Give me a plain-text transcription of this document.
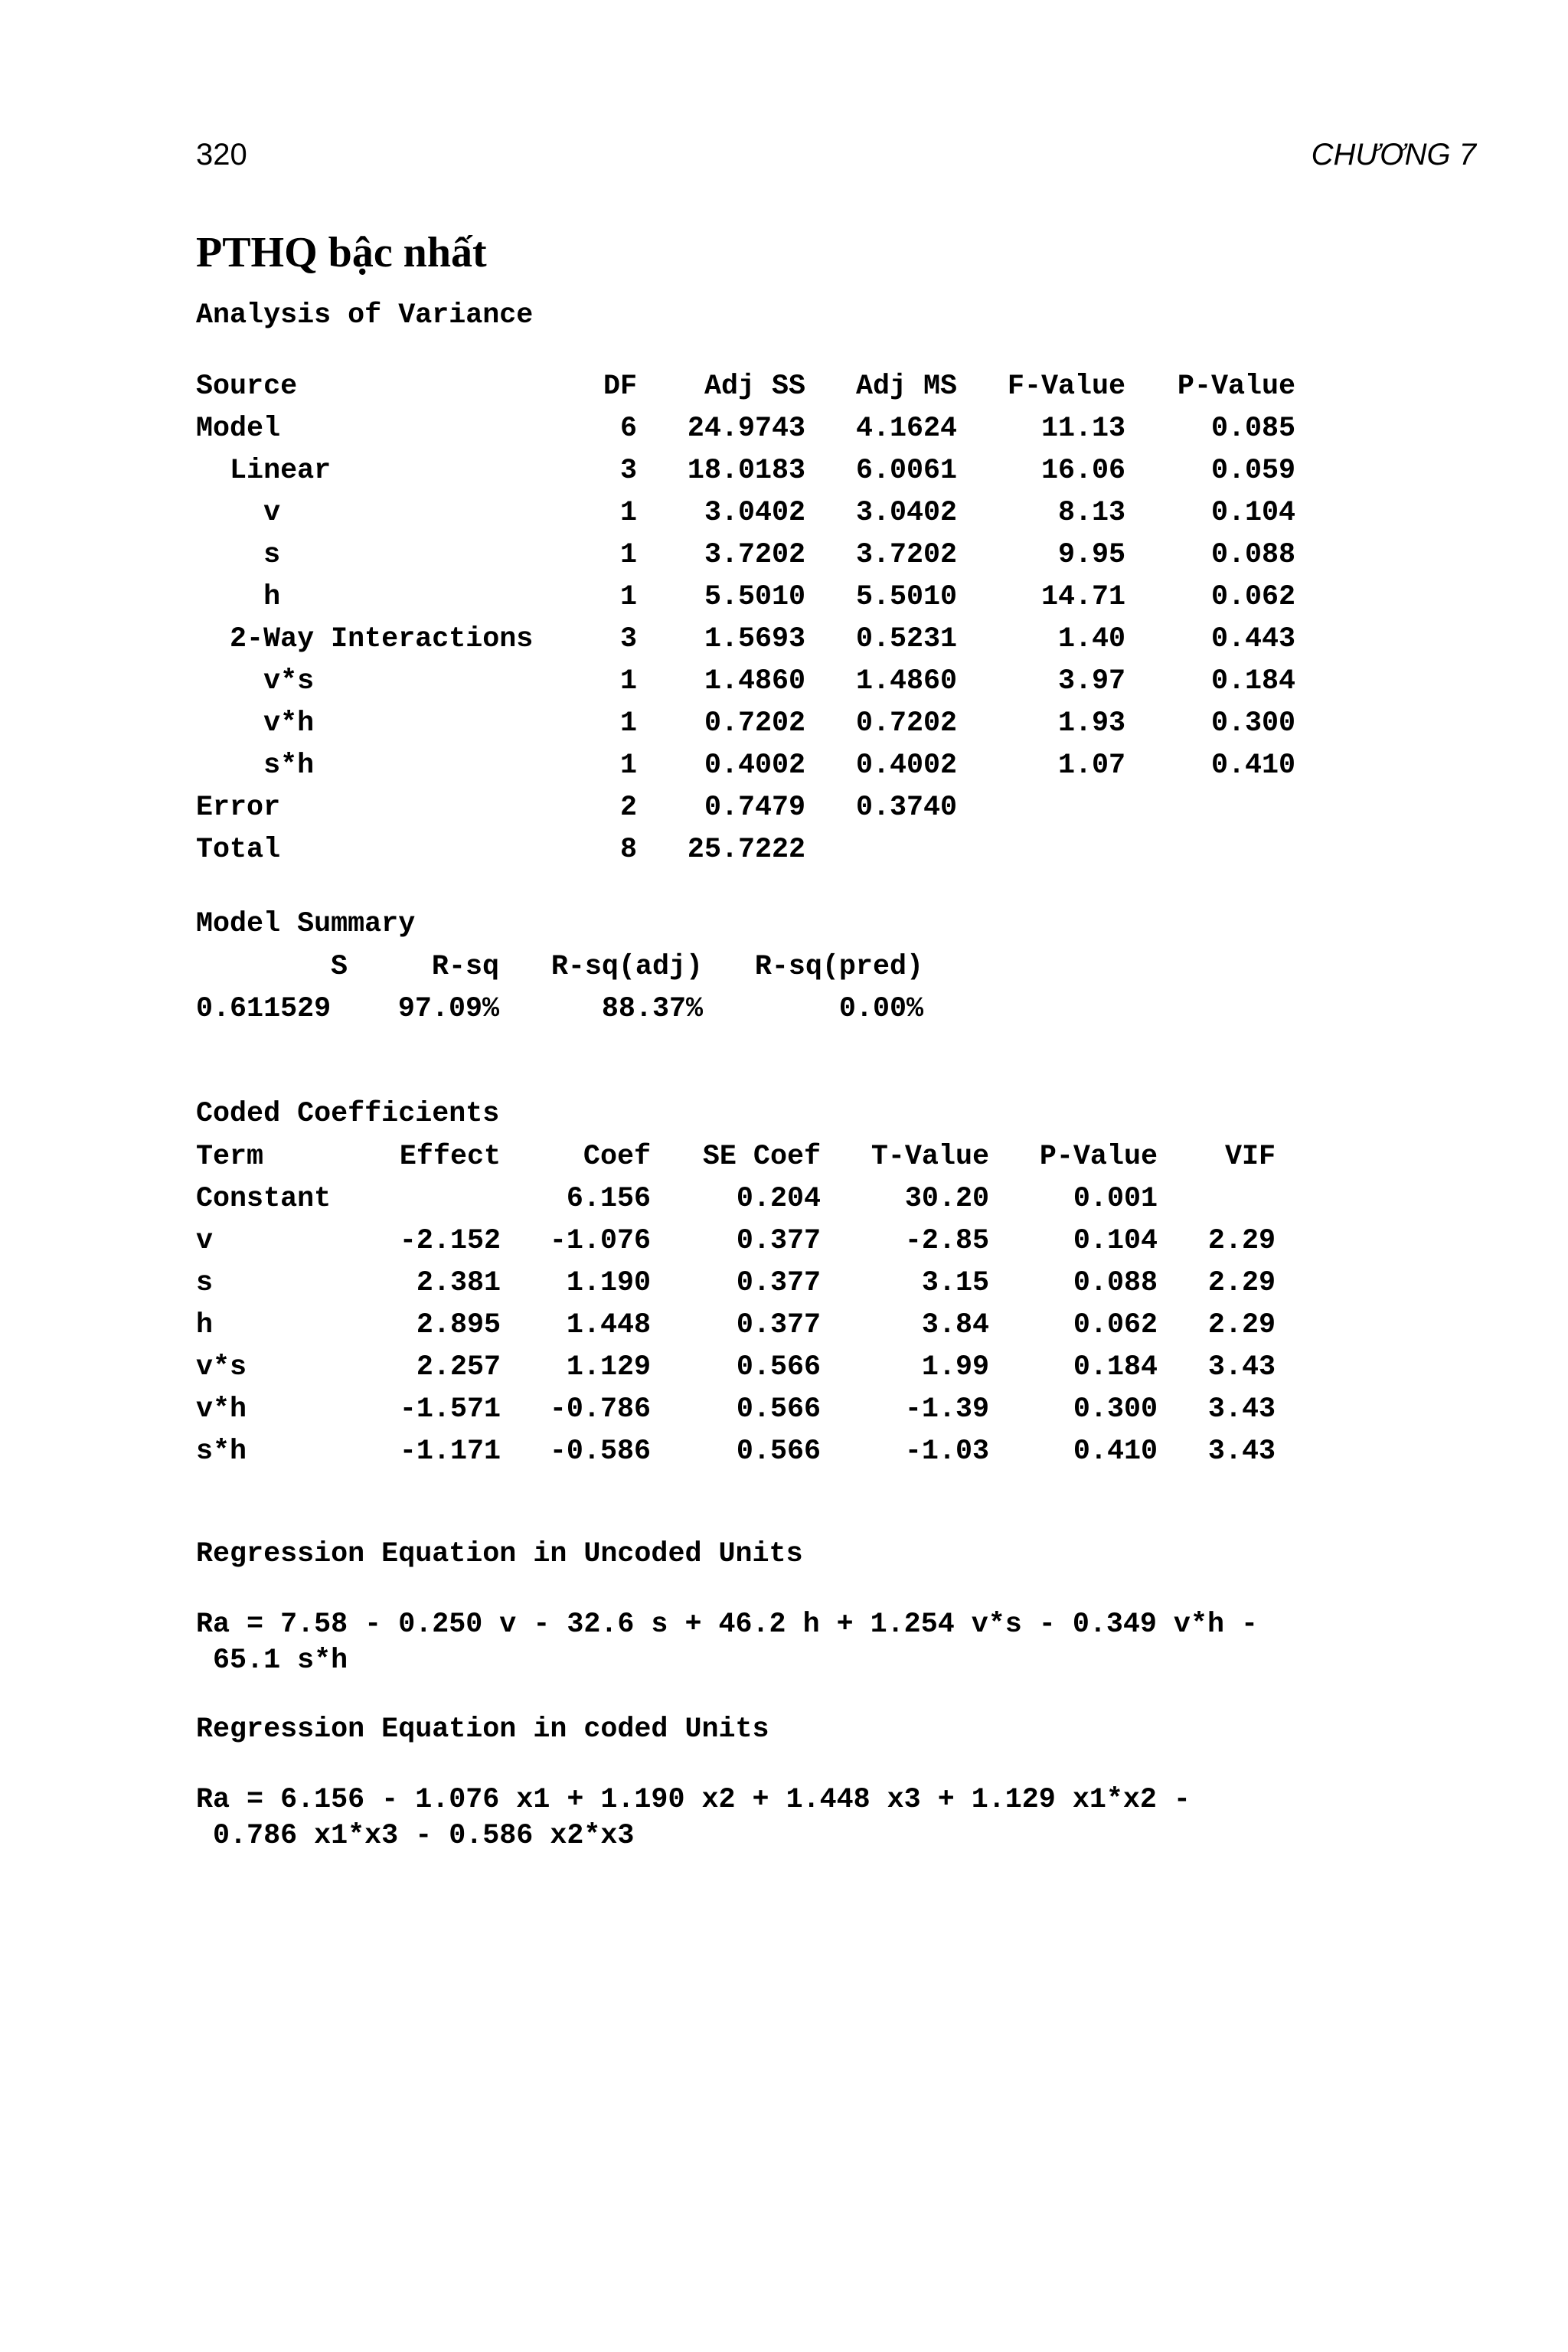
320	CHƯƠNG 7
PTHQ bậc nhất
Analysis of Variance
Source	DF	Adj SS	Adj MS	F-Value	P-Value
Model	6	24.9743	4.1624	11.13	0.085
Linear	3	18.0183	6.0061	16.06	0.059
v	1	3.0402	3.0402	8.13	0.104
s	1	3.7202	3.7202	9.95	0.088
h	1	5.5010	5.5010	14.71	0.062
2-Way Interactions	3	1.5693	0.5231	1.40	0.443
v*s	1	1.4860	1.4860	3.97	0.184
v*h	1	0.7202	0.7202	1.93	0.300
s*h	1	0.4002	0.4002	1.07	0.410
Error	2	0.7479	0.3740		
Total	8	25.7222			
Model Summary
S	R-sq	R-sq(adj)	R-sq(pred)
0.611529	97.09%	88.37%	0.00%
Coded Coefficients
Term	Effect	Coef	SE Coef	T-Value	P-Value	VIF
Constant		6.156	0.204	30.20	0.001	
v	-2.152	-1.076	0.377	-2.85	0.104	2.29
s	2.381	1.190	0.377	3.15	0.088	2.29
h	2.895	1.448	0.377	3.84	0.062	2.29
v*s	2.257	1.129	0.566	1.99	0.184	3.43
v*h	-1.571	-0.786	0.566	-1.39	0.300	3.43
s*h	-1.171	-0.586	0.566	-1.03	0.410	3.43
Regression Equation in Uncoded Units
Ra = 7.58 - 0.250 v - 32.6 s + 46.2 h + 1.254 v*s - 0.349 v*h -
65.1 s*h
Regression Equation in coded Units
Ra = 6.156 - 1.076 x1 + 1.190 x2 + 1.448 x3 + 1.129 x1*x2 -
0.786 x1*x3 - 0.586 x2*x3
